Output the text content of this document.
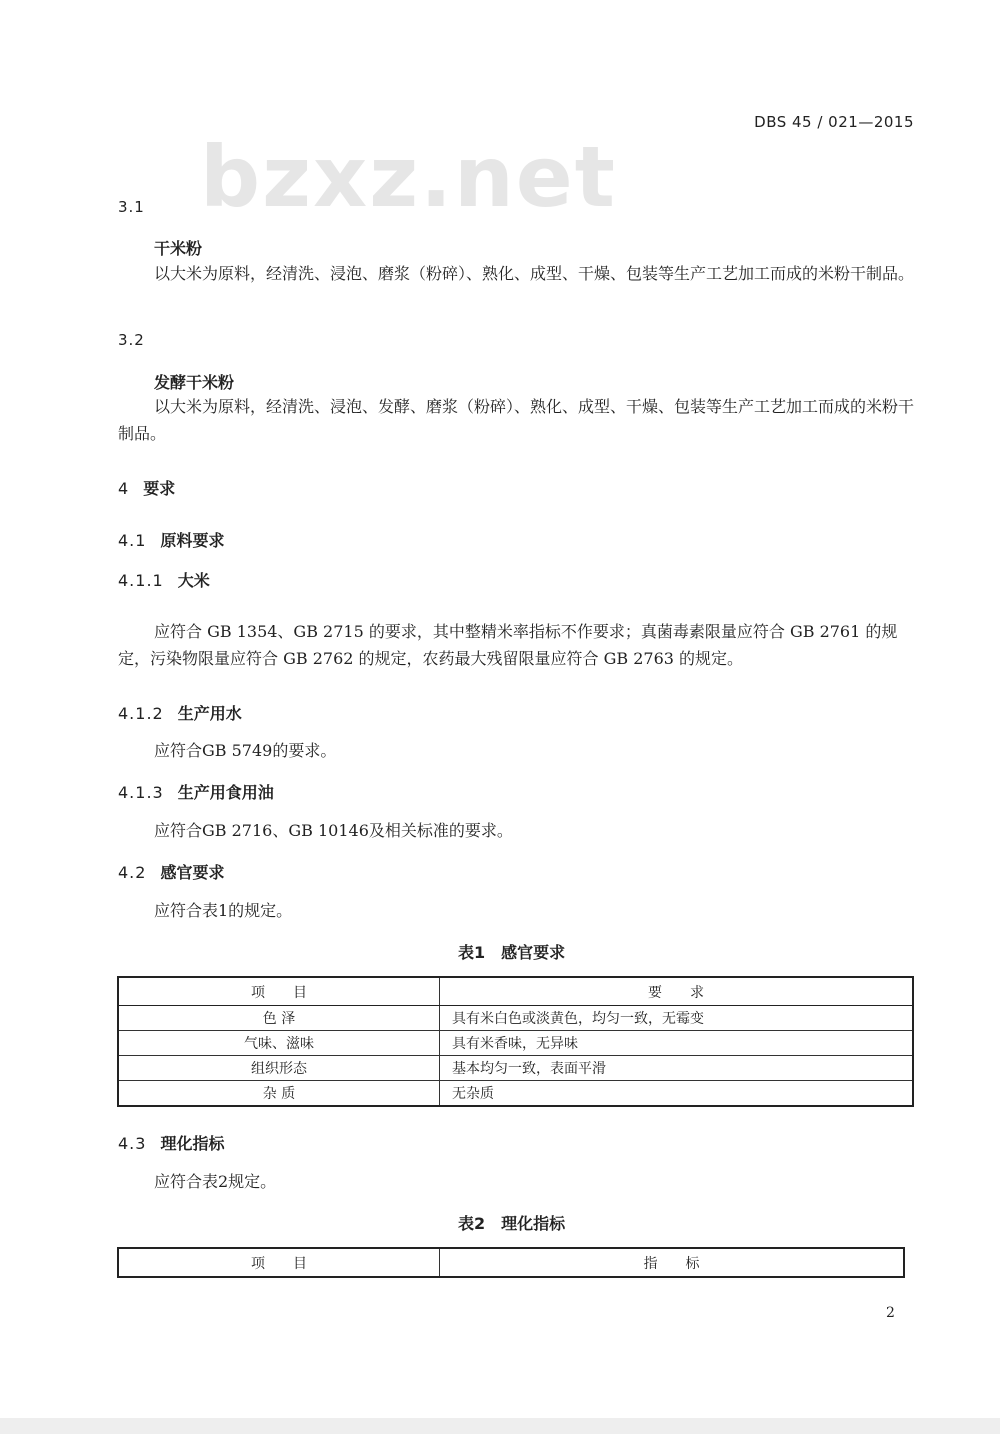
bzxz.net
DBS 45 / 021—2015
3.1
干米粉
以大米为原料，经清洗、浸泡、磨浆（粉碎）、熟化、成型、干燥、包装等生产工艺加工而成的米粉干制品。
3.2
发酵干米粉
以大米为原料，经清洗、浸泡、发酵、磨浆（粉碎）、熟化、成型、干燥、包装等生产工艺加工而成的米粉干制品。
4 要求
4.1 原料要求
4.1.1 大米
应符合 GB 1354、GB 2715 的要求，其中整精米率指标不作要求；真菌毒素限量应符合 GB 2761 的规定，污染物限量应符合 GB 2762 的规定，农药最大残留限量应符合 GB 2763 的规定。
4.1.2 生产用水
应符合GB 5749的要求。
4.1.3 生产用食用油
应符合GB 2716、GB 10146及相关标准的要求。
4.2 感官要求
应符合表1的规定。
表1　感官要求
项　　目	要　　求
色 泽	具有米白色或淡黄色，均匀一致，无霉变
气味、滋味	具有米香味，无异味
组织形态	基本均匀一致，表面平滑
杂 质	无杂质
4.3 理化指标
应符合表2规定。
表2　理化指标
项　　目	指　　标
2
